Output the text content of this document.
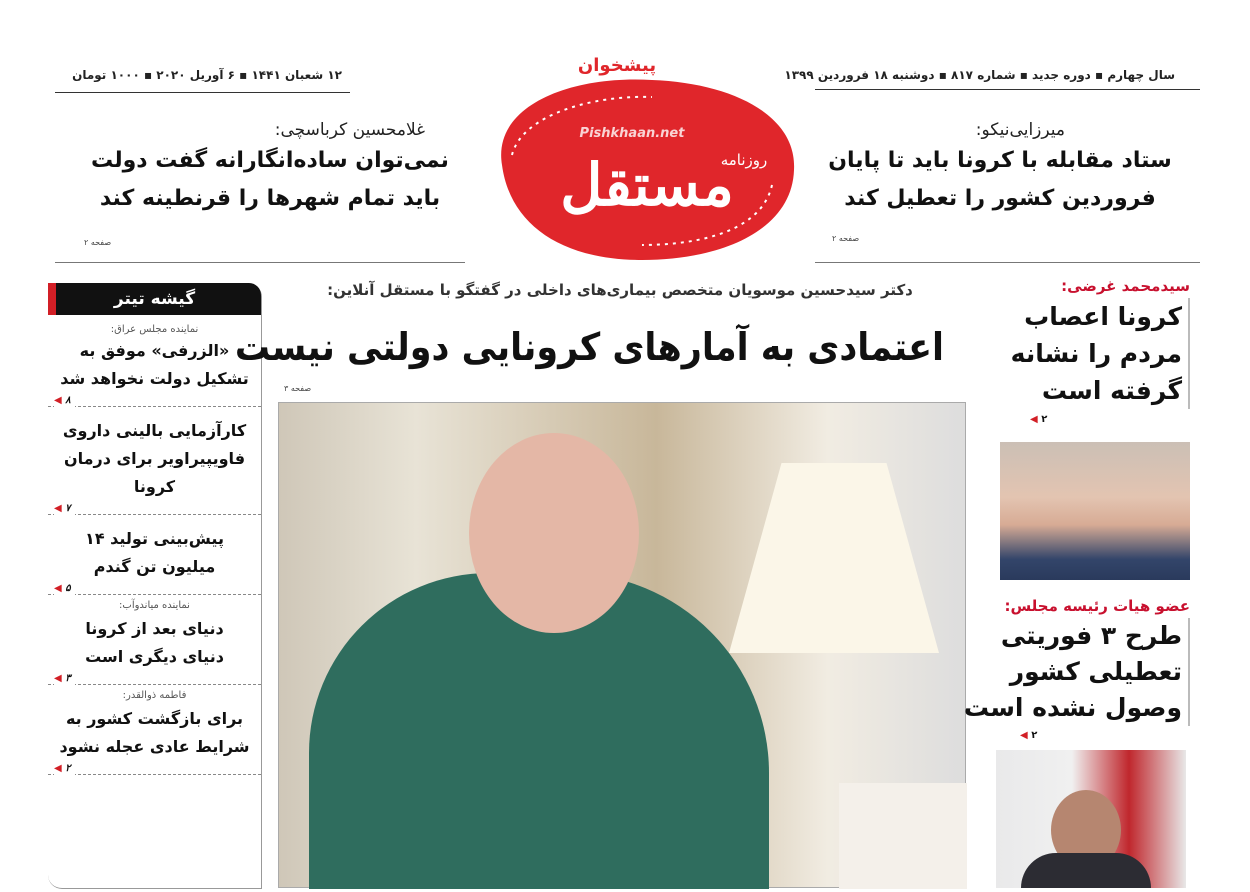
سال چهارم ▪ دوره جدید ▪ شماره ۸۱۷ ▪ دوشنبه ۱۸ فروردین ۱۳۹۹
۱۲ شعبان ۱۴۴۱ ▪ ۶ آوریل ۲۰۲۰ ▪ ۱۰۰۰ تومان
مستقل
روزنامه
Pishkhaan.net
پیشخوان
میرزایی‌نیکو:
ستاد مقابله با کرونا باید تا پایان
فروردین کشور را تعطیل کند
صفحه ۲
غلامحسین کرباسچی:
نمی‌توان ساده‌انگارانه گفت دولت
باید تمام شهرها را قرنطینه کند
صفحه ۲
گیشه تیتر
نماینده مجلس عراق:
«الزرفی» موفق به تشکیل دولت نخواهد شد
۸ ◀
کارآزمایی بالینی داروی فاویپیراویر برای درمان کرونا
۷ ◀
پیش‌بینی تولید ۱۴ میلیون تن گندم
۵ ◀
نماینده میاندوآب:
دنیای بعد از کرونا دنیای دیگری است
۳ ◀
فاطمه ذوالقدر:
برای بازگشت کشور به شرایط عادی عجله نشود
۲ ◀
دکتر سیدحسین موسویان متخصص بیماری‌های داخلی در گفتگو با مستقل آنلاین:
اعتمادی به آمارهای کرونایی دولتی نیست
صفحه ۳
سیدمحمد غرضی:
کرونا اعصاب
مردم را نشانه
گرفته است
۲ ◀
عضو هیات رئیسه مجلس:
طرح ۳ فوریتی
تعطیلی کشور
وصول نشده است
۲ ◀
